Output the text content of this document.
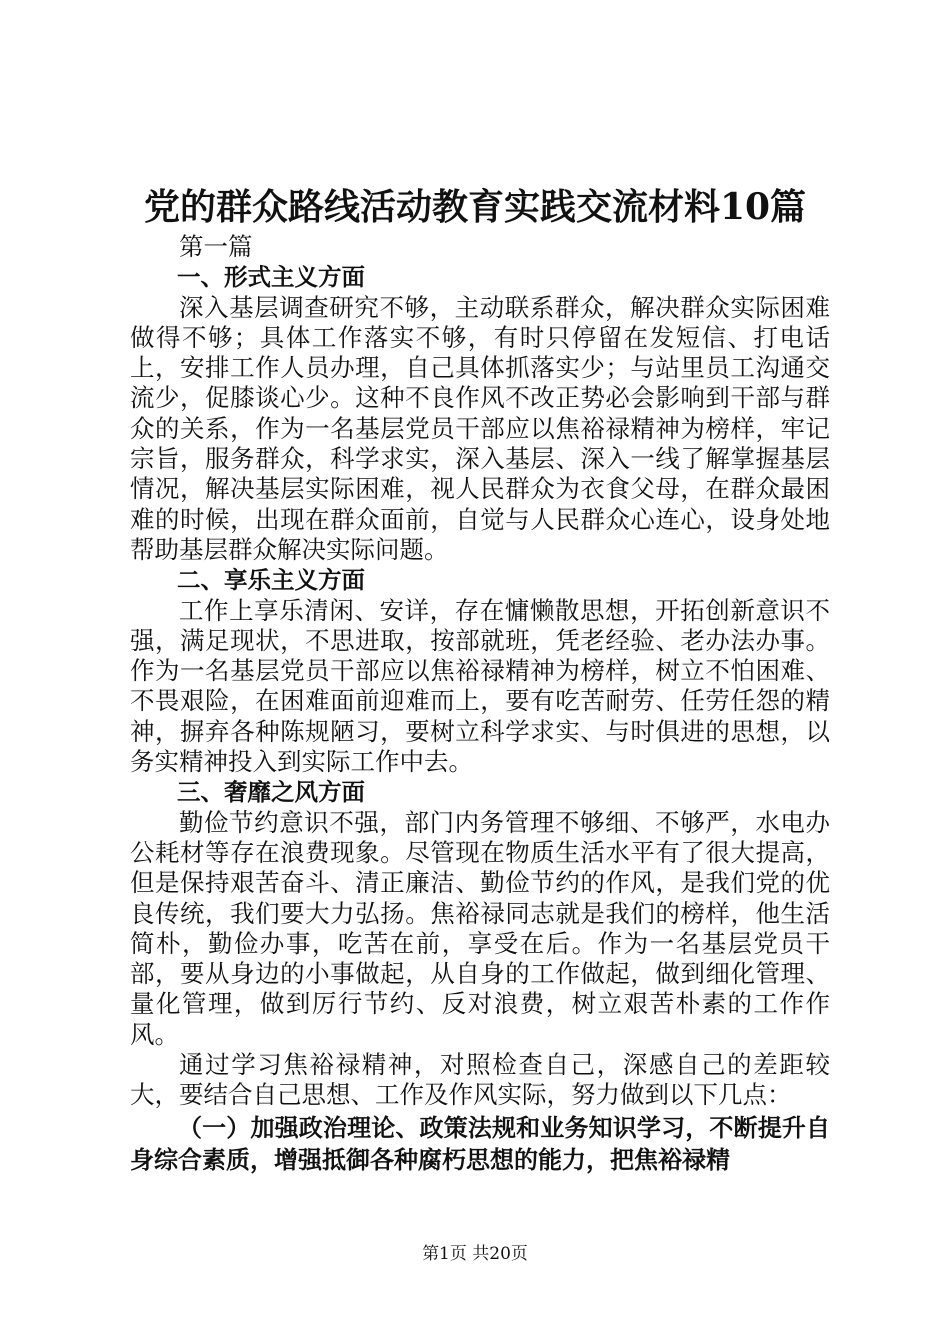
党的群众路线活动教育实践交流材料10篇

第一篇

一、形式主义方面

深入基层调查研究不够，主动联系群众，解决群众实际困难做得不够；具体工作落实不够，有时只停留在发短信、打电话上，安排工作人员办理，自己具体抓落实少；与站里员工沟通交流少，促膝谈心少。这种不良作风不改正势必会影响到干部与群众的关系，作为一名基层党员干部应以焦裕禄精神为榜样，牢记宗旨，服务群众，科学求实，深入基层、深入一线了解掌握基层情况，解决基层实际困难，视人民群众为衣食父母，在群众最困难的时候，出现在群众面前，自觉与人民群众心连心，设身处地帮助基层群众解决实际问题。

二、享乐主义方面

工作上享乐清闲、安详，存在慵懒散思想，开拓创新意识不强，满足现状，不思进取，按部就班，凭老经验、老办法办事。作为一名基层党员干部应以焦裕禄精神为榜样，树立不怕困难、不畏艰险，在困难面前迎难而上，要有吃苦耐劳、任劳任怨的精神，摒弃各种陈规陋习，要树立科学求实、与时俱进的思想，以务实精神投入到实际工作中去。

三、奢靡之风方面

勤俭节约意识不强，部门内务管理不够细、不够严，水电办公耗材等存在浪费现象。尽管现在物质生活水平有了很大提高，但是保持艰苦奋斗、清正廉洁、勤俭节约的作风，是我们党的优良传统，我们要大力弘扬。焦裕禄同志就是我们的榜样，他生活简朴，勤俭办事，吃苦在前，享受在后。作为一名基层党员干部，要从身边的小事做起，从自身的工作做起，做到细化管理、量化管理，做到厉行节约、反对浪费，树立艰苦朴素的工作作风。

通过学习焦裕禄精神，对照检查自己，深感自己的差距较大，要结合自己思想、工作及作风实际，努力做到以下几点：

（一）加强政治理论、政策法规和业务知识学习，不断提升自身综合素质，增强抵御各种腐朽思想的能力，把焦裕禄精

第1页 共20页
